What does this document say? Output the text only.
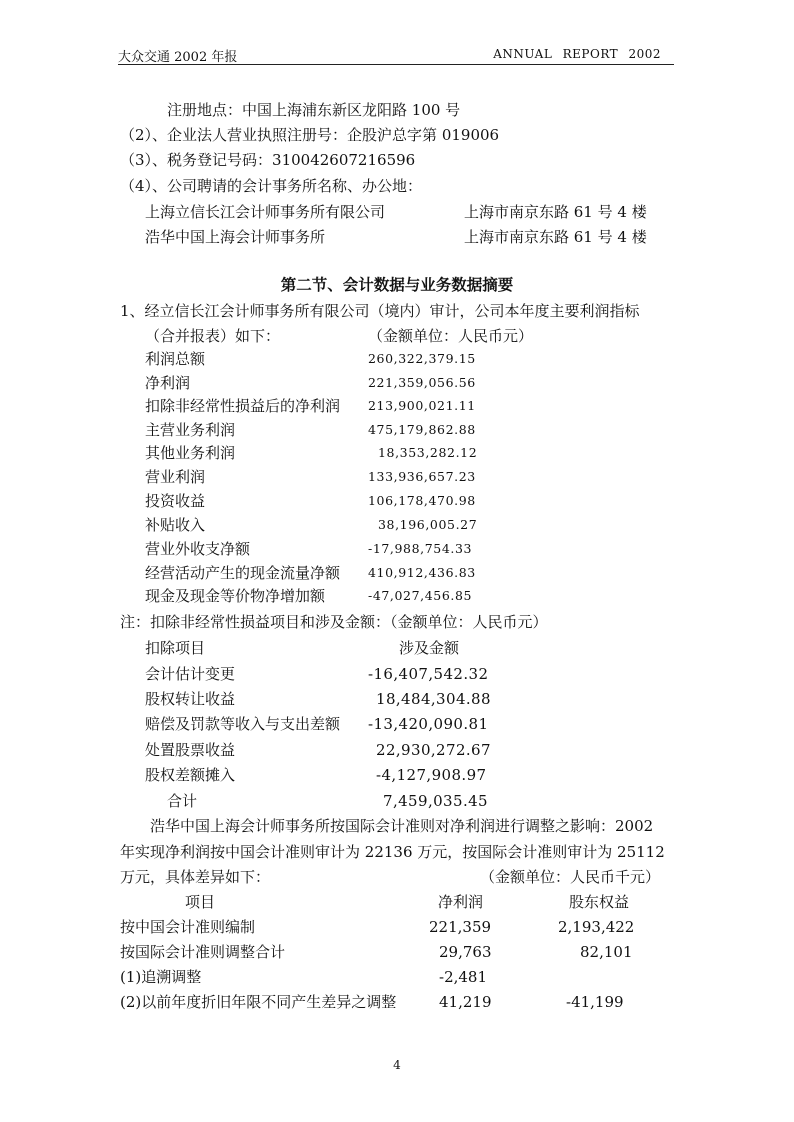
大众交通 2002 年报	ANNUAL REPORT 2002
注册地点：中国上海浦东新区龙阳路 100 号
（2）、企业法人营业执照注册号：企股沪总字第 019006
（3）、税务登记号码：310042607216596
（4）、公司聘请的会计事务所名称、办公地：
上海立信长江会计师事务所有限公司	上海市南京东路 61 号 4 楼
浩华中国上海会计师事务所	上海市南京东路 61 号 4 楼
第二节、会计数据与业务数据摘要
1、经立信长江会计师事务所有限公司（境内）审计，公司本年度主要利润指标
（合并报表）如下：	（金额单位：人民币元）
利润总额	260,322,379.15
净利润	221,359,056.56
扣除非经常性损益后的净利润 213,900,021.11
主营业务利润	475,179,862.88
其他业务利润	18,353,282.12
营业利润	133,936,657.23
投资收益	106,178,470.98
补贴收入	38,196,005.27
营业外收支净额	-17,988,754.33
经营活动产生的现金流量净额 410,912,436.83
现金及现金等价物净增加额	-47,027,456.85
注：扣除非经常性损益项目和涉及金额：（金额单位：人民币元）
扣除项目	涉及金额
会计估计变更	-16,407,542.32
股权转让收益	18,484,304.88
赔偿及罚款等收入与支出差额 -13,420,090.81
处置股票收益	22,930,272.67
股权差额摊入	-4,127,908.97
合计	7,459,035.45
浩华中国上海会计师事务所按国际会计准则对净利润进行调整之影响：2002
年实现净利润按中国会计准则审计为 22136 万元，按国际会计准则审计为 25112
万元，具体差异如下：	（金额单位：人民币千元）
项目	净利润	股东权益
按中国会计准则编制	221,359	2,193,422
按国际会计准则调整合计	29,763	82,101
(1)追溯调整	-2,481
(2)以前年度折旧年限不同产生差异之调整	41,219	-41,199
4
